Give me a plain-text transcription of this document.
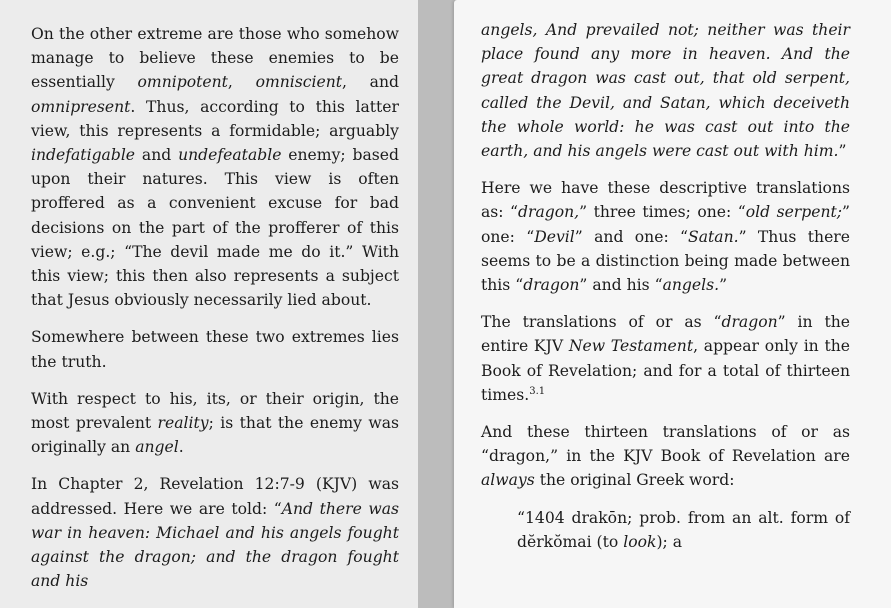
On the other extreme are those who somehow manage to believe these enemies to be essentially omnipotent, omniscient, and omnipresent. Thus, according to this latter view, this represents a formidable; arguably indefatigable and undefeatable enemy; based upon their natures. This view is often proffered as a convenient excuse for bad decisions on the part of the profferer of this view; e.g.; “The devil made me do it.” With this view; this then also represents a subject that Jesus obviously necessarily lied about.

Somewhere between these two extremes lies the truth.

With respect to his, its, or their origin, the most prevalent reality; is that the enemy was originally an angel.

In Chapter 2, Revelation 12:7-9 (KJV) was addressed. Here we are told: “And there was war in heaven: Michael and his angels fought against the dragon; and the dragon fought and his

angels, And prevailed not; neither was their place found any more in heaven. And the great dragon was cast out, that old serpent, called the Devil, and Satan, which deceiveth the whole world: he was cast out into the earth, and his angels were cast out with him.”

Here we have these descriptive translations as: “dragon,” three times; one: “old serpent;” one: “Devil” and one: “Satan.” Thus there seems to be a distinction being made between this “dragon” and his “angels.”

The translations of or as “dragon” in the entire KJV New Testament, appear only in the Book of Revelation; and for a total of thirteen times.$^{3.1}$

And these thirteen translations of or as “dragon,” in the KJV Book of Revelation are always the original Greek word:

“1404 drakōn; prob. from an alt. form of dĕrkŏmai (to look); a
